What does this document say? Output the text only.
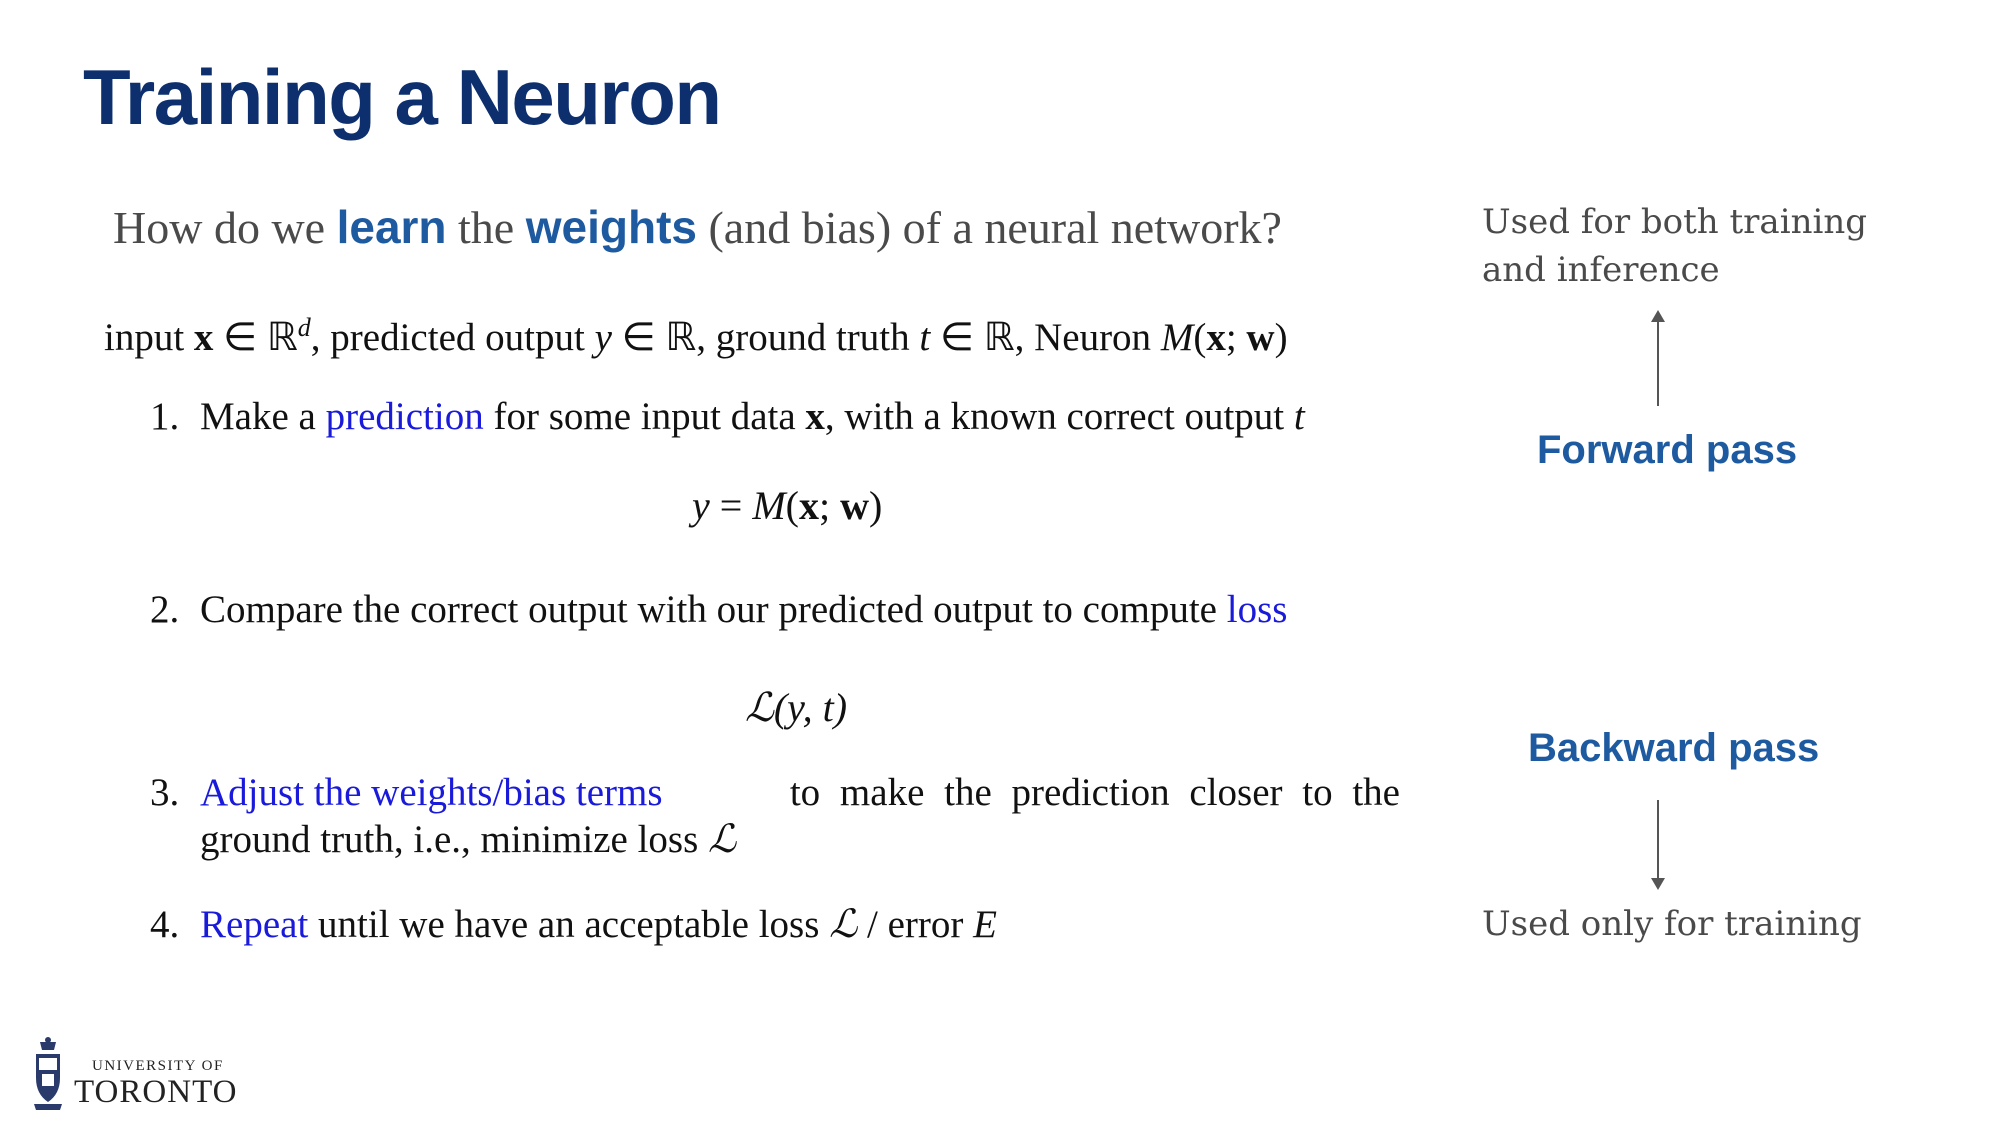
Training a Neuron
How do we learn the weights (and bias) of a neural network?
input x ∈ ℝ$^d$, predicted output y ∈ ℝ, ground truth t ∈ ℝ, Neuron M(x; w)
1. Make a prediction for some input data x, with a known correct output t
y = M(x; w)
2. Compare the correct output with our predicted output to compute loss
ℒ(y, t)
3. Adjust the weights/bias terms	to make the prediction closer to the
ground truth, i.e., minimize loss ℒ
4. Repeat until we have an acceptable loss ℒ / error E
Used for both training
and inference
Forward pass
Backward pass
Used only for training
UNIVERSITY OF
TORONTO
